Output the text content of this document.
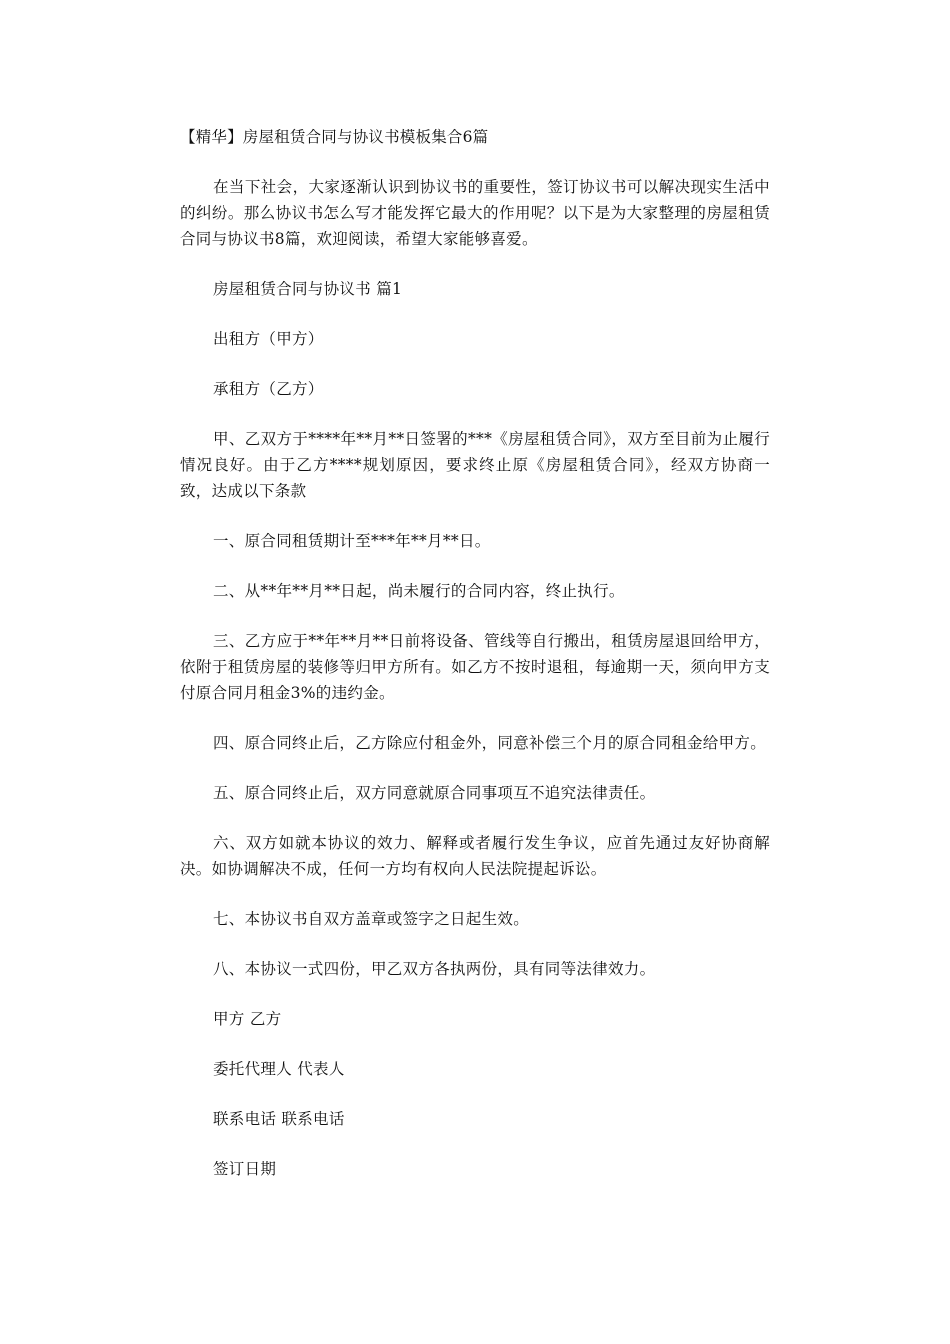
【精华】房屋租赁合同与协议书模板集合6篇
在当下社会，大家逐渐认识到协议书的重要性，签订协议书可以解决现实生活中的纠纷。那么协议书怎么写才能发挥它最大的作用呢？以下是为大家整理的房屋租赁合同与协议书8篇，欢迎阅读，希望大家能够喜爱。
房屋租赁合同与协议书 篇1
出租方（甲方）
承租方（乙方）
甲、乙双方于****年**月**日签署的***《房屋租赁合同》，双方至目前为止履行情况良好。由于乙方****规划原因，要求终止原《房屋租赁合同》，经双方协商一致，达成以下条款
一、原合同租赁期计至***年**月**日。
二、从**年**月**日起，尚未履行的合同内容，终止执行。
三、乙方应于**年**月**日前将设备、管线等自行搬出，租赁房屋退回给甲方，依附于租赁房屋的装修等归甲方所有。如乙方不按时退租，每逾期一天，须向甲方支付原合同月租金3%的违约金。
四、原合同终止后，乙方除应付租金外，同意补偿三个月的原合同租金给甲方。
五、原合同终止后，双方同意就原合同事项互不追究法律责任。
六、双方如就本协议的效力、解释或者履行发生争议，应首先通过友好协商解决。如协调解决不成，任何一方均有权向人民法院提起诉讼。
七、本协议书自双方盖章或签字之日起生效。
八、本协议一式四份，甲乙双方各执两份，具有同等法律效力。
甲方 乙方
委托代理人 代表人
联系电话 联系电话
签订日期
